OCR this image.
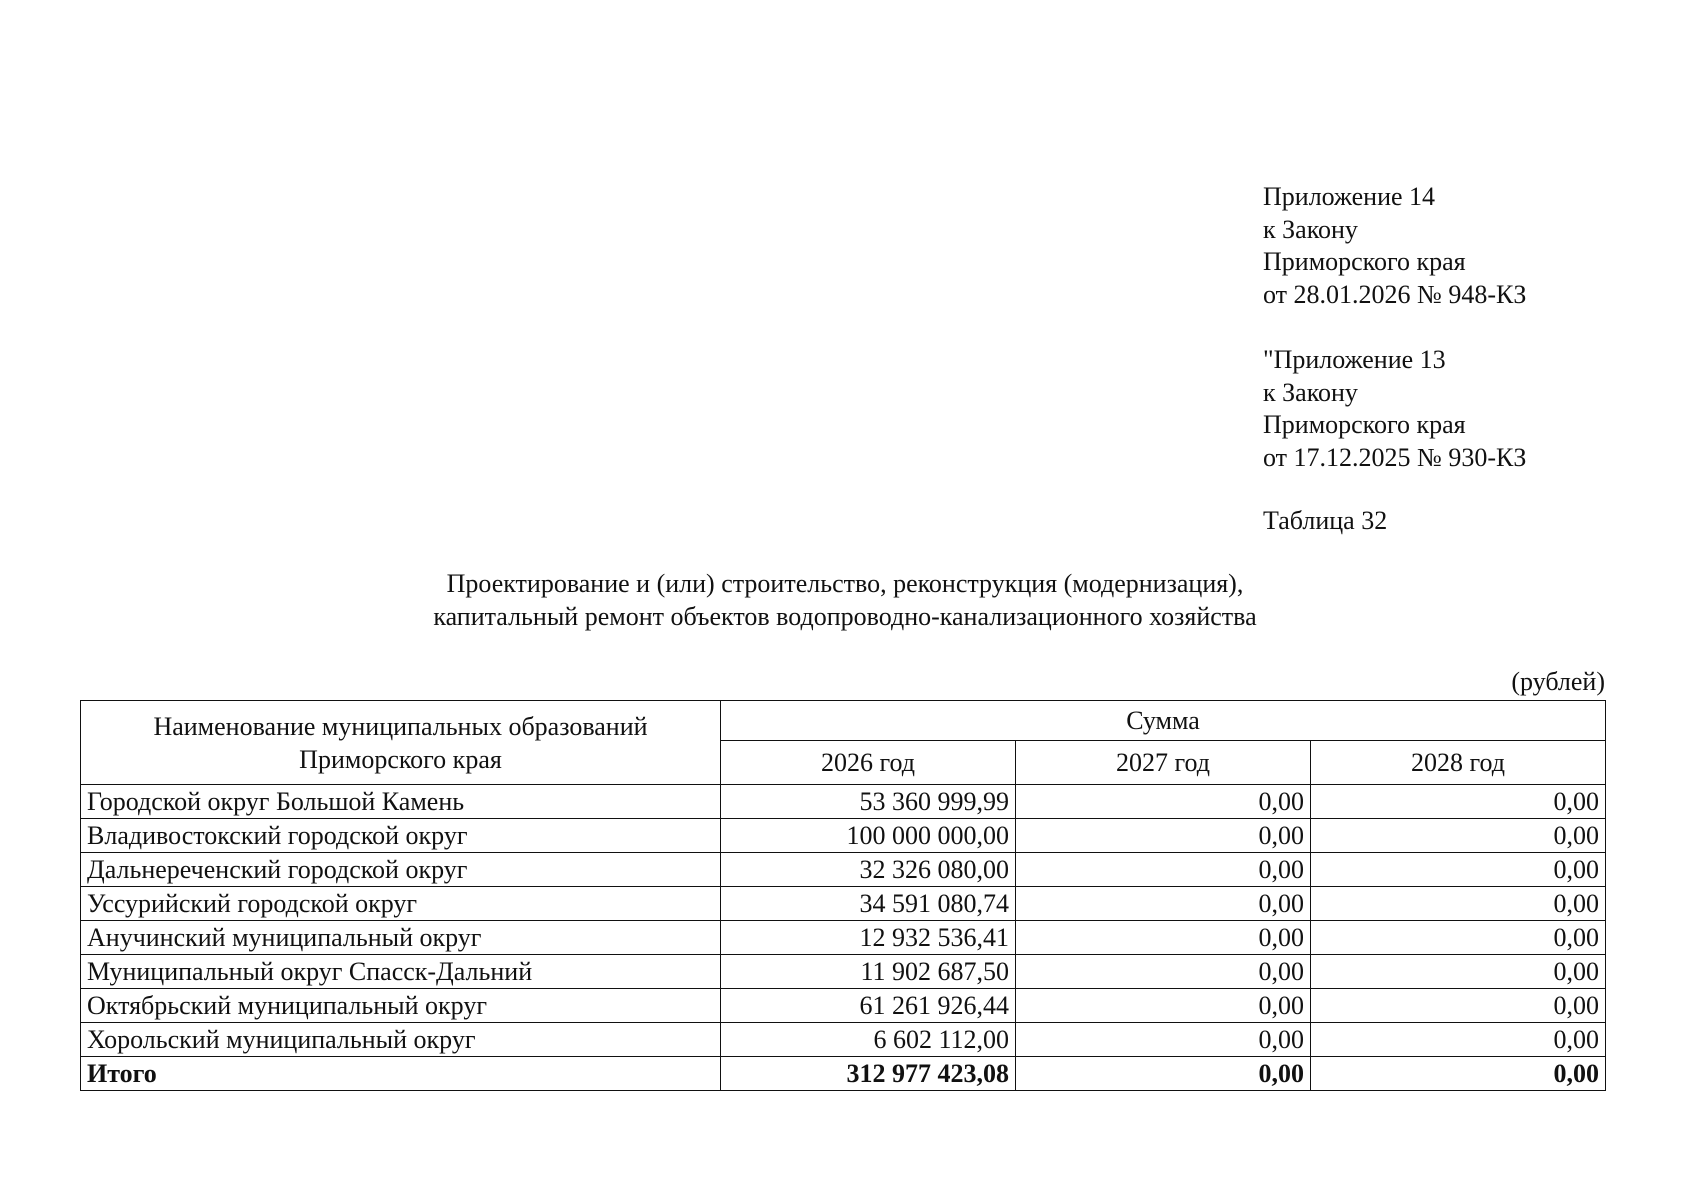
Приложение 14
к Закону
Приморского края
от 28.01.2026 № 948-КЗ
"Приложение 13
к Закону
Приморского края
от 17.12.2025 № 930-КЗ
Таблица 32
Проектирование и (или) строительство, реконструкция (модернизация),
капитальный ремонт объектов водопроводно-канализационного хозяйства
(рублей)
Наименование муниципальных образований
Приморского края	Сумма		
	2026 год	2027 год	2028 год
Городской округ Большой Камень	53 360 999,99	0,00	0,00
Владивостокский городской округ	100 000 000,00	0,00	0,00
Дальнереченский городской округ	32 326 080,00	0,00	0,00
Уссурийский городской округ	34 591 080,74	0,00	0,00
Анучинский муниципальный округ	12 932 536,41	0,00	0,00
Муниципальный округ Спасск-Дальний	11 902 687,50	0,00	0,00
Октябрьский муниципальный округ	61 261 926,44	0,00	0,00
Хорольский муниципальный округ	6 602 112,00	0,00	0,00
Итого	312 977 423,08	0,00	0,00
